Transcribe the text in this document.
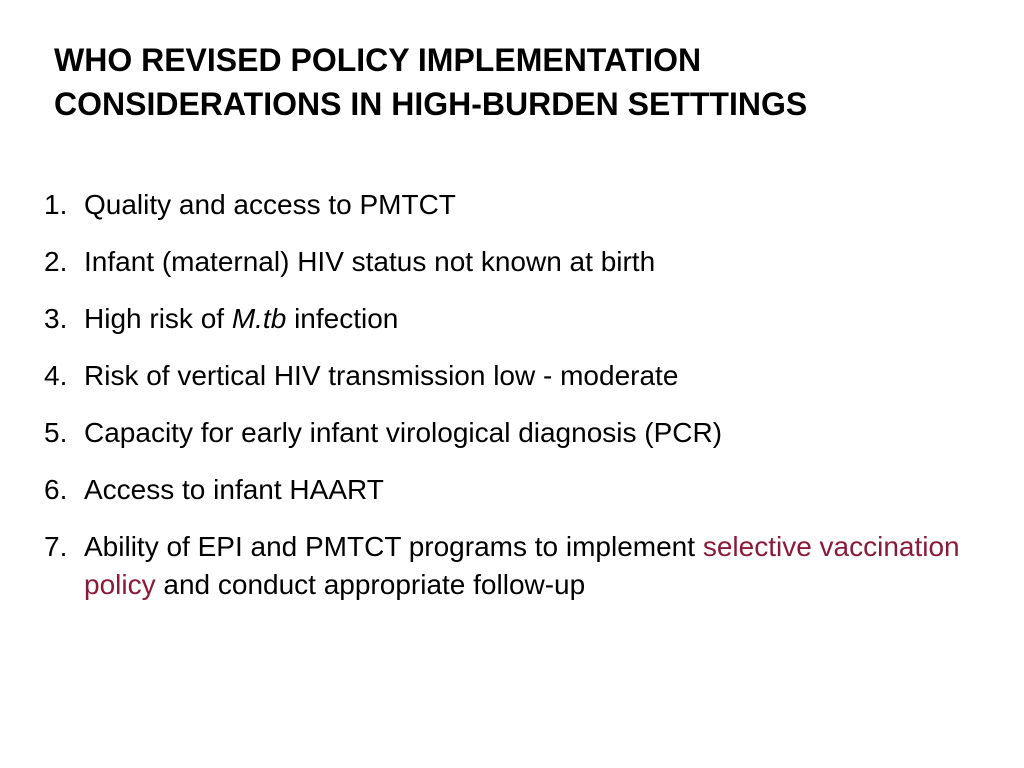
WHO REVISED POLICY IMPLEMENTATION
CONSIDERATIONS IN HIGH-BURDEN SETTTINGS
1. Quality and access to PMTCT
2. Infant (maternal) HIV status not known at birth
3. High risk of M.tb infection
4. Risk of vertical HIV transmission low - moderate
5. Capacity for early infant virological diagnosis (PCR)
6. Access to infant HAART
7. Ability of EPI and PMTCT programs to implement selective vaccination policy and conduct appropriate follow-up
